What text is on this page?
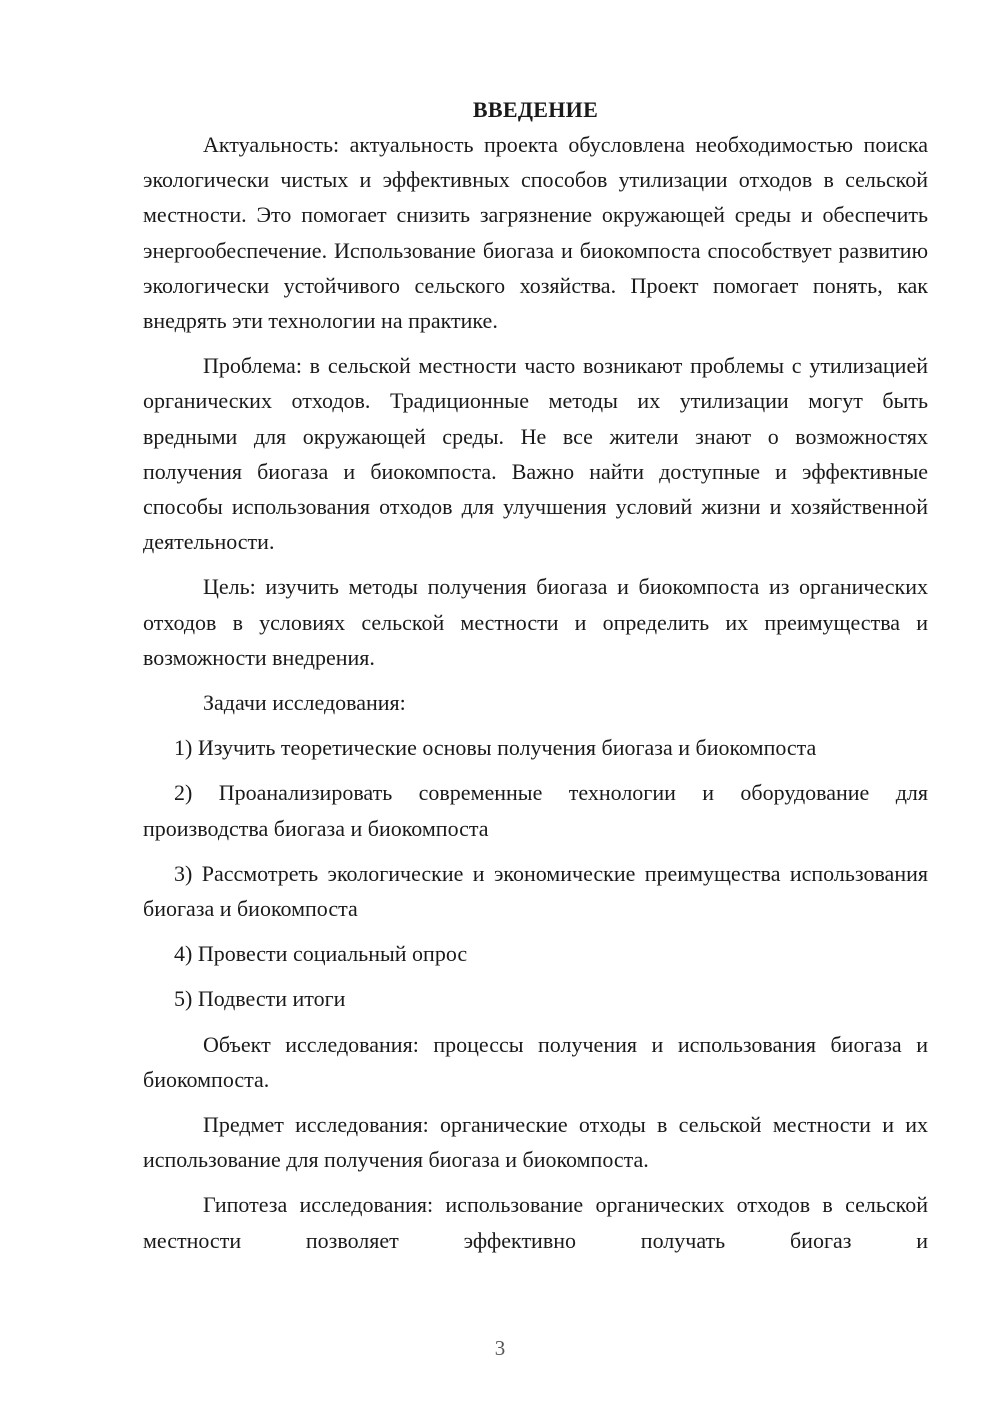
ВВЕДЕНИЕ

Актуальность: актуальность проекта обусловлена необходимостью поиска экологически чистых и эффективных способов утилизации отходов в сельской местности. Это помогает снизить загрязнение окружающей среды и обеспечить энергообеспечение. Использование биогаза и биокомпоста способствует развитию экологически устойчивого сельского хозяйства. Проект помогает понять, как внедрять эти технологии на практике.

Проблема: в сельской местности часто возникают проблемы с утилизацией органических отходов. Традиционные методы их утилизации могут быть вредными для окружающей среды. Не все жители знают о возможностях получения биогаза и биокомпоста. Важно найти доступные и эффективные способы использования отходов для улучшения условий жизни и хозяйственной деятельности.

Цель: изучить методы получения биогаза и биокомпоста из органических отходов в условиях сельской местности и определить их преимущества и возможности внедрения.

Задачи исследования:

1) Изучить теоретические основы получения биогаза и биокомпоста

2) Проанализировать современные технологии и оборудование для производства биогаза и биокомпоста

3) Рассмотреть экологические и экономические преимущества использования биогаза и биокомпоста

4) Провести социальный опрос

5) Подвести итоги

Объект исследования: процессы получения и использования биогаза и биокомпоста.

Предмет исследования: органические отходы в сельской местности и их использование для получения биогаза и биокомпоста.

Гипотеза исследования: использование органических отходов в сельской местности позволяет эффективно получать биогаз и

3
